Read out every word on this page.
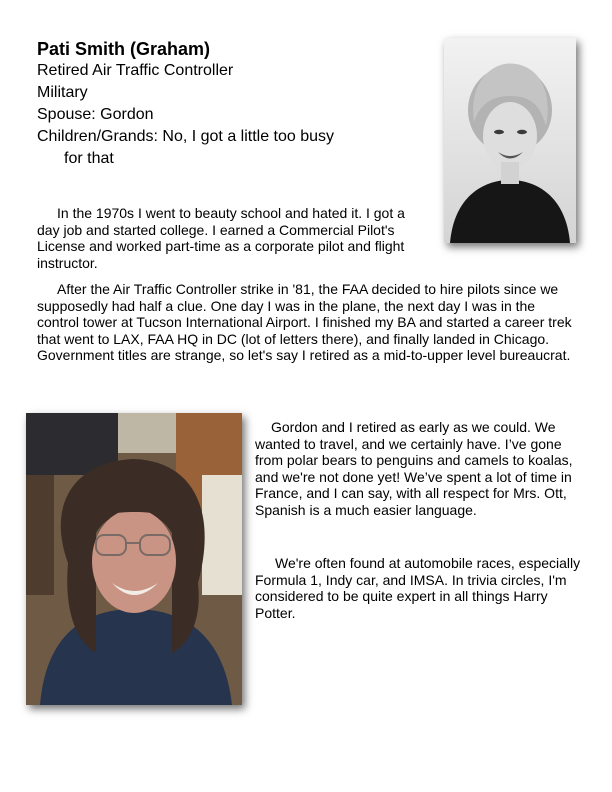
Pati Smith (Graham)

Retired Air Traffic Controller

Military

Spouse: Gordon

Children/Grands: No, I got a little too busy

for that

In the 1970s I went to beauty school and hated it. I got a day job and started college. I earned a Commercial Pilot's License and worked part-time as a corporate pilot and flight instructor.

After the Air Traffic Controller strike in '81, the FAA decided to hire pilots since we supposedly had half a clue. One day I was in the plane, the next day I was in the control tower at Tucson International Airport. I finished my BA and started a career trek that went to LAX, FAA HQ in DC (lot of letters there), and finally landed in Chicago. Government titles are strange, so let's say I retired as a mid-to-upper level bureaucrat.

Gordon and I retired as early as we could. We wanted to travel, and we certainly have. I’ve gone from polar bears to penguins and camels to koalas, and we're not done yet! We’ve spent a lot of time in France, and I can say, with all respect for Mrs. Ott, Spanish is a much easier language.

We're often found at automobile races, especially Formula 1, Indy car, and IMSA. In trivia circles, I'm considered to be quite expert in all things Harry Potter.
